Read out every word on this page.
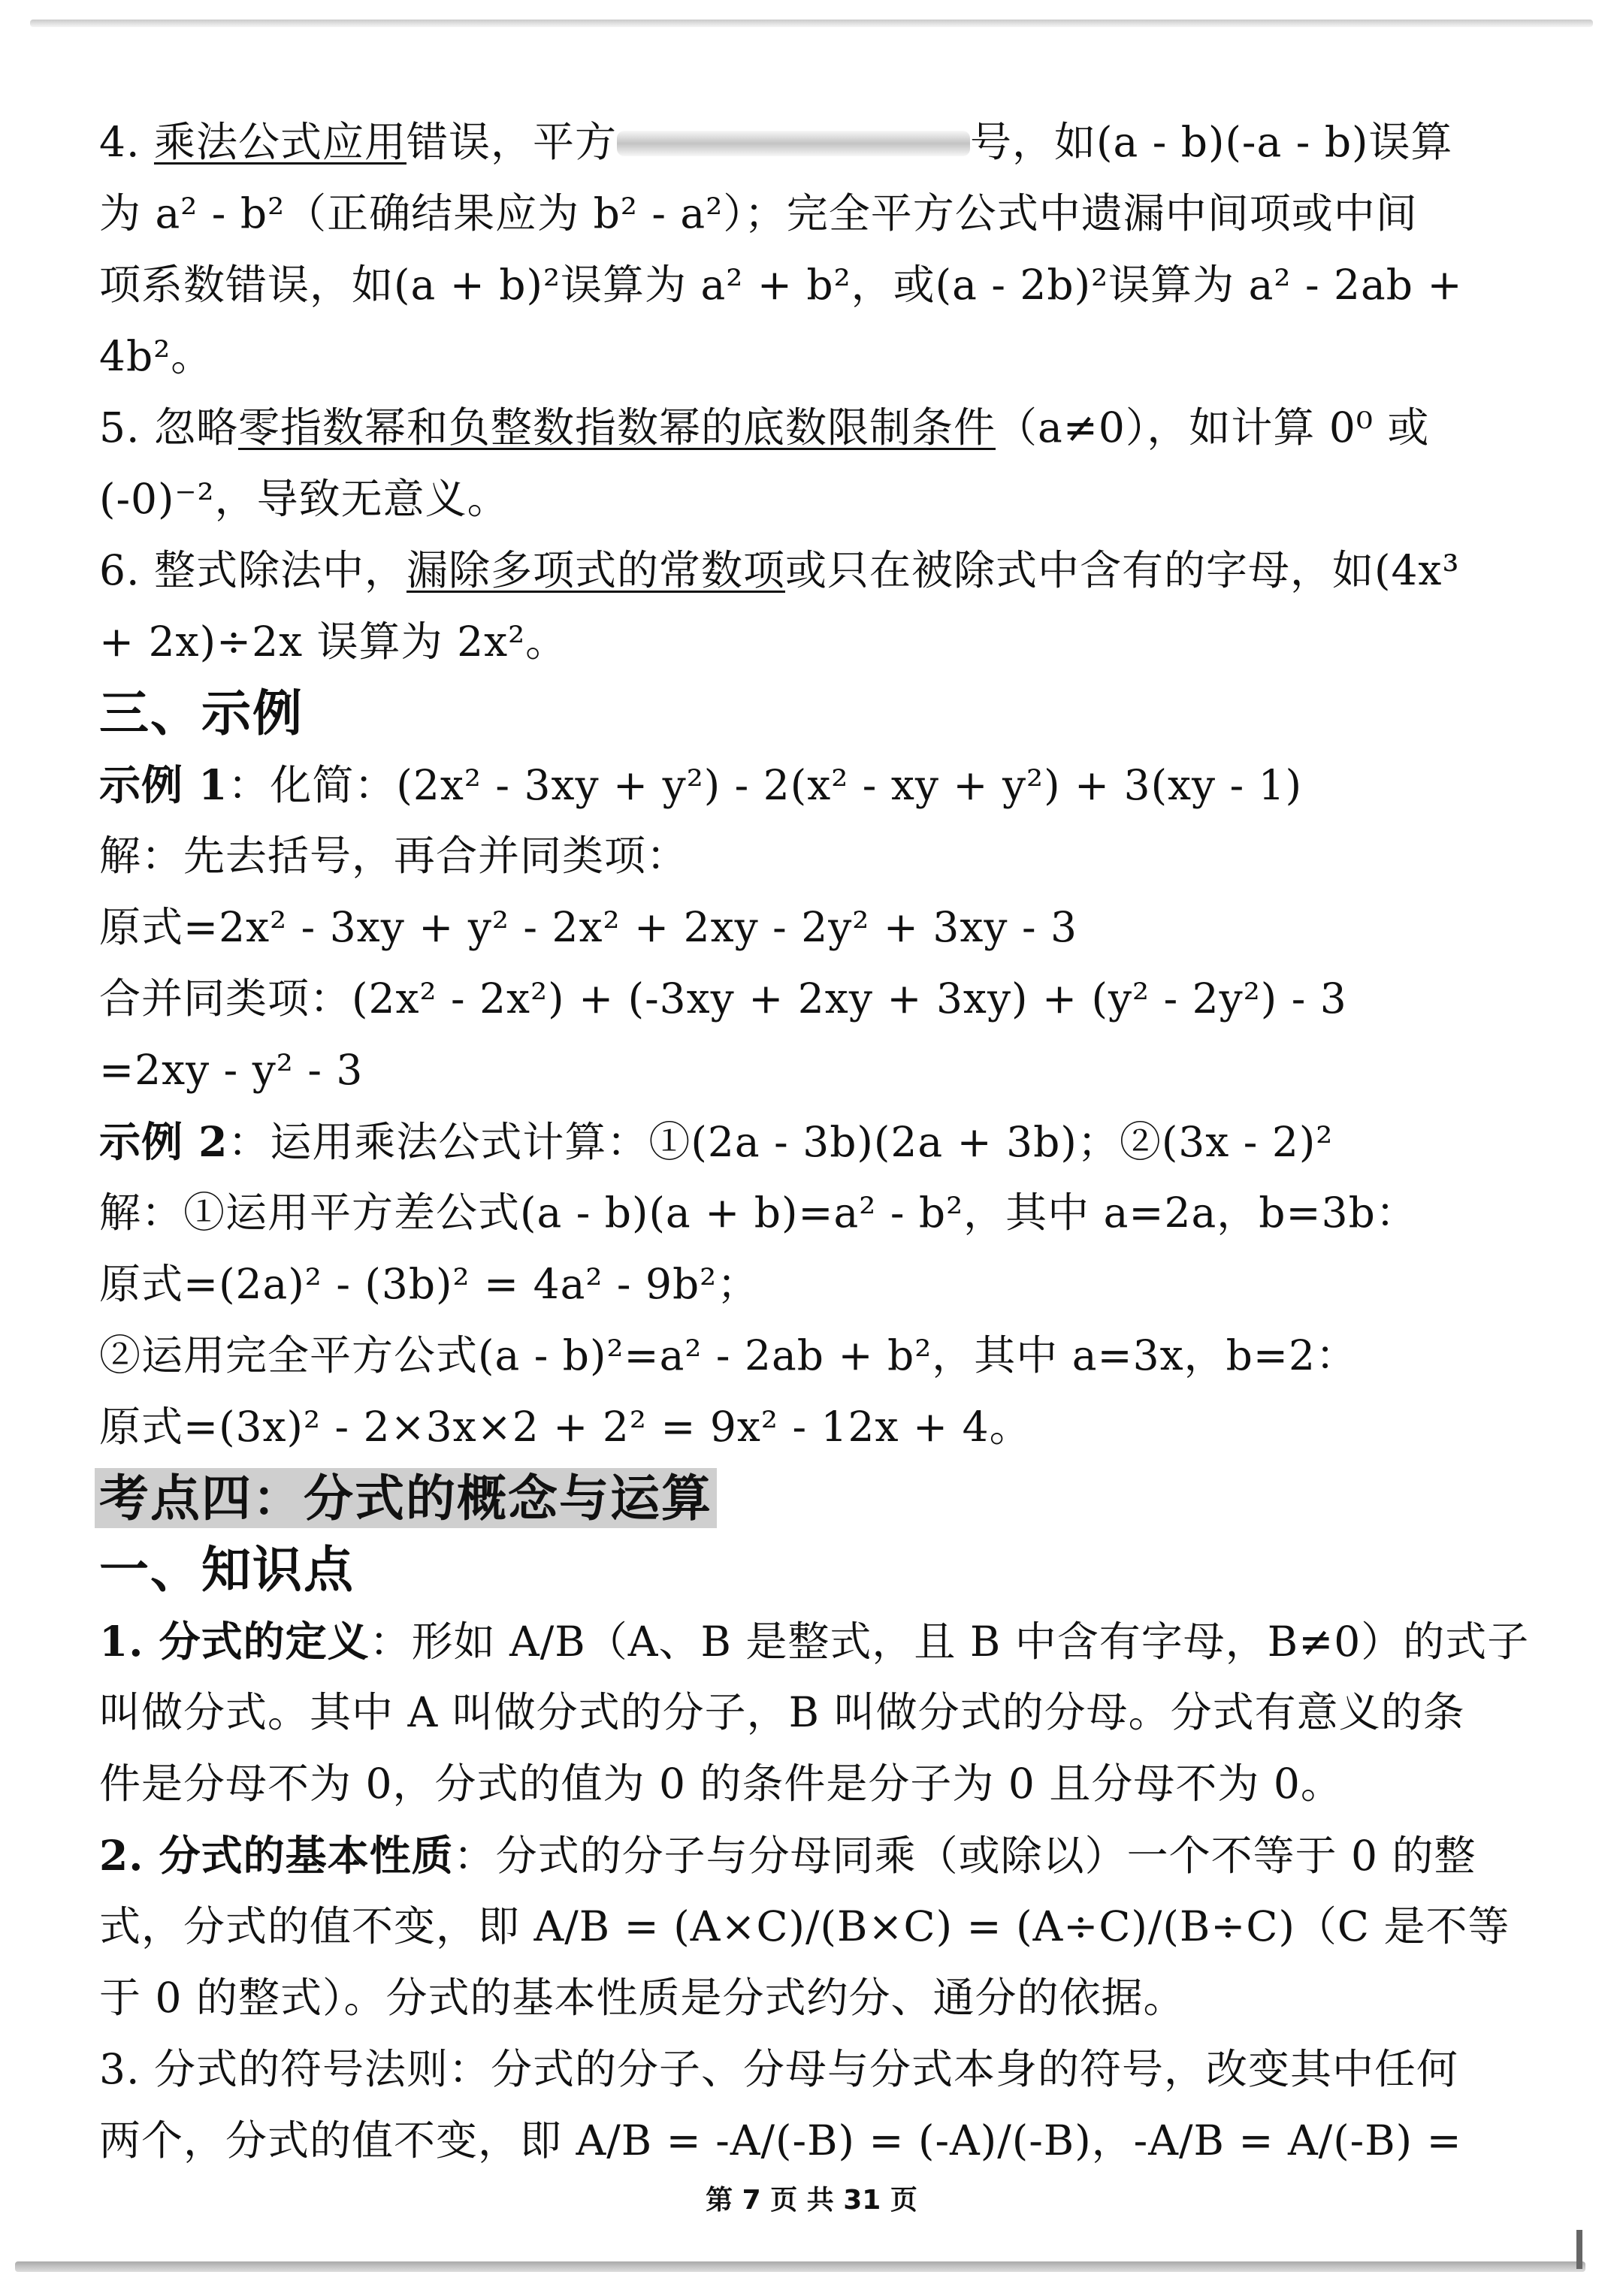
4. 乘法公式应用错误，平方	号，如(a - b)(-a - b)误算
为 a² - b²（正确结果应为 b² - a²）；完全平方公式中遗漏中间项或中间
项系数错误，如(a + b)²误算为 a² + b²，或(a - 2b)²误算为 a² - 2ab +
4b²。
5. 忽略零指数幂和负整数指数幂的底数限制条件（a≠0），如计算 0⁰ 或
(-0)⁻²，导致无意义。
6. 整式除法中，漏除多项式的常数项或只在被除式中含有的字母，如(4x³
+ 2x)÷2x 误算为 2x²。
三、示例
示例 1：化简：(2x² - 3xy + y²) - 2(x² - xy + y²) + 3(xy - 1)
解：先去括号，再合并同类项：
原式=2x² - 3xy + y² - 2x² + 2xy - 2y² + 3xy - 3
合并同类项：(2x² - 2x²) + (-3xy + 2xy + 3xy) + (y² - 2y²) - 3
=2xy - y² - 3
示例 2：运用乘法公式计算：①(2a - 3b)(2a + 3b)；②(3x - 2)²
解：①运用平方差公式(a - b)(a + b)=a² - b²，其中 a=2a，b=3b：
原式=(2a)² - (3b)² = 4a² - 9b²；
②运用完全平方公式(a - b)²=a² - 2ab + b²，其中 a=3x，b=2：
原式=(3x)² - 2×3x×2 + 2² = 9x² - 12x + 4。
考点四：分式的概念与运算
一、知识点
1. 分式的定义：形如 A/B（A、B 是整式，且 B 中含有字母，B≠0）的式子
叫做分式。其中 A 叫做分式的分子，B 叫做分式的分母。分式有意义的条
件是分母不为 0，分式的值为 0 的条件是分子为 0 且分母不为 0。
2. 分式的基本性质：分式的分子与分母同乘（或除以）一个不等于 0 的整
式，分式的值不变，即 A/B = (A×C)/(B×C) = (A÷C)/(B÷C)（C 是不等
于 0 的整式）。分式的基本性质是分式约分、通分的依据。
3. 分式的符号法则：分式的分子、分母与分式本身的符号，改变其中任何
两个，分式的值不变，即 A/B = -A/(-B) = (-A)/(-B)，-A/B = A/(-B) =
第 7 页 共 31 页
